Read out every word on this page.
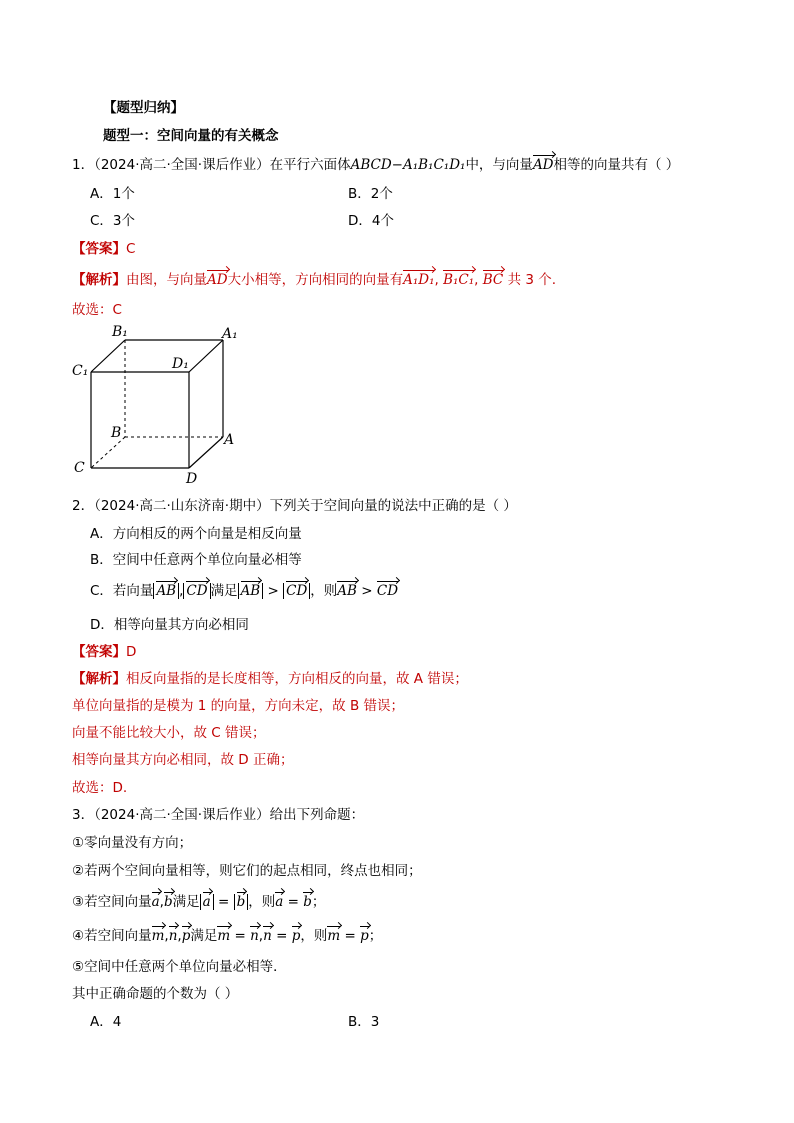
【题型归纳】
题型一：空间向量的有关概念
1．（2024·高二·全国·课后作业）在平行六面体ABCD−A₁B₁C₁D₁中，与向量AD相等的向量共有（ ）
A．1个	B．2个
C．3个	D．4个
【答案】C
【解析】由图，与向量AD大小相等，方向相同的向量有A₁D₁, B₁C₁, BC 共 3 个.
故选：C
B₁	A₁
C₁	D₁
B	A
C
D
2．（2024·高二·山东济南·期中）下列关于空间向量的说法中正确的是（ ）
A．方向相反的两个向量是相反向量
B．空间中任意两个单位向量必相等
C．若向量 AB , CD 满足 AB > CD ，则AB > CD
D．相等向量其方向必相同
【答案】D
【解析】相反向量指的是长度相等，方向相反的向量，故 A 错误；
单位向量指的是模为 1 的向量，方向未定，故 B 错误；
向量不能比较大小，故 C 错误；
相等向量其方向必相同，故 D 正确；
故选：D.
3．（2024·高二·全国·课后作业）给出下列命题：
①零向量没有方向；
②若两个空间向量相等，则它们的起点相同，终点也相同；
③若空间向量a,b满足 a = b ，则a = b；
④若空间向量m,n,p满足m = n,n = p，则m = p；
⑤空间中任意两个单位向量必相等．
其中正确命题的个数为（ ）
A．4	B．3
